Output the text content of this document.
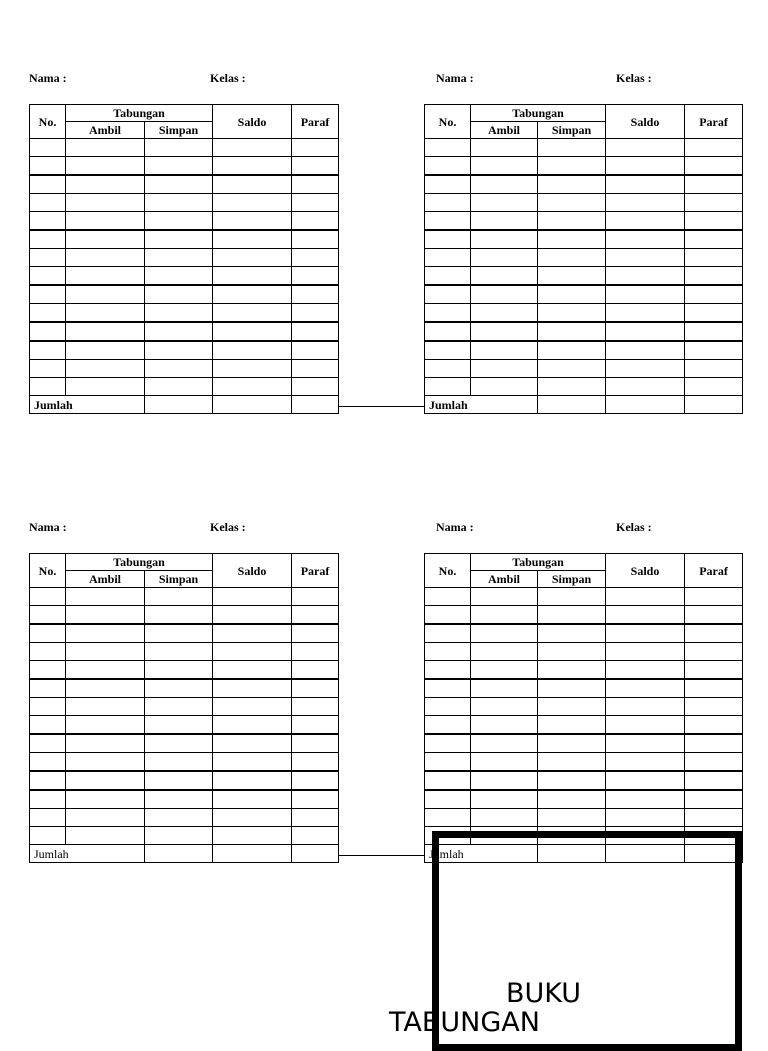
Nama :	Kelas :
No.	Tabungan		Saldo	Paraf
	Ambil	Simpan		

Jumlah				
Nama :	Kelas :
No.	Tabungan		Saldo	Paraf
	Ambil	Simpan		

Jumlah				
Nama :	Kelas :
No.	Tabungan		Saldo	Paraf
	Ambil	Simpan		

Jumlah				
Nama :	Kelas :
No.	Tabungan		Saldo	Paraf
	Ambil	Simpan		

Jumlah				
BUKU
TABUNGAN
